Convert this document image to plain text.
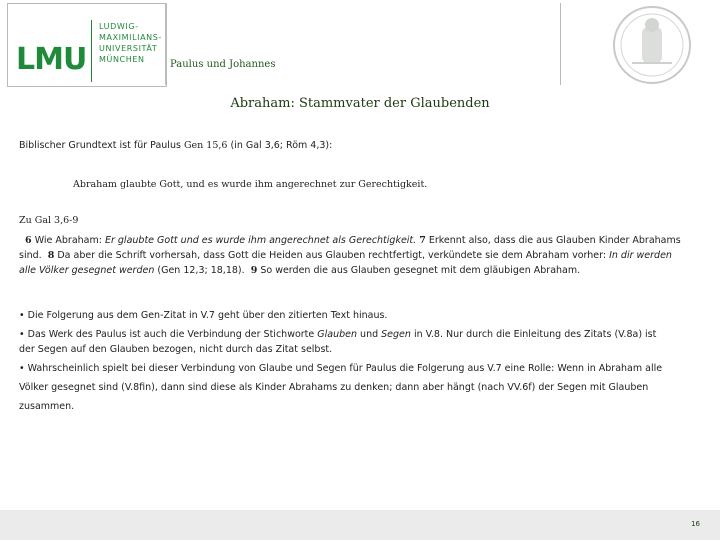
LMU
LUDWIG-
MAXIMILIANS-
UNIVERSITÄT
MÜNCHEN	Paulus und Johannes
Abraham: Stammvater der Glaubenden
Biblischer Grundtext ist für Paulus Gen 15,6 (in Gal 3,6; Röm 4,3):
Abraham glaubte Gott, und es wurde ihm angerechnet zur Gerechtigkeit.
Zu Gal 3,6-9
6 Wie Abraham: Er glaubte Gott und es wurde ihm angerechnet als Gerechtigkeit. 7 Erkennt also, dass die aus Glauben Kinder Abrahams
sind. 8 Da aber die Schrift vorhersah, dass Gott die Heiden aus Glauben rechtfertigt, verkündete sie dem Abraham vorher: In dir werden
alle Völker gesegnet werden (Gen 12,3; 18,18). 9 So werden die aus Glauben gesegnet mit dem gläubigen Abraham.
• Die Folgerung aus dem Gen-Zitat in V.7 geht über den zitierten Text hinaus.
• Das Werk des Paulus ist auch die Verbindung der Stichworte Glauben und Segen in V.8. Nur durch die Einleitung des Zitats (V.8a) ist
der Segen auf den Glauben bezogen, nicht durch das Zitat selbst.
• Wahrscheinlich spielt bei dieser Verbindung von Glaube und Segen für Paulus die Folgerung aus V.7 eine Rolle: Wenn in Abraham alle
Völker gesegnet sind (V.8fin), dann sind diese als Kinder Abrahams zu denken; dann aber hängt (nach VV.6f) der Segen mit Glauben
zusammen.
16
